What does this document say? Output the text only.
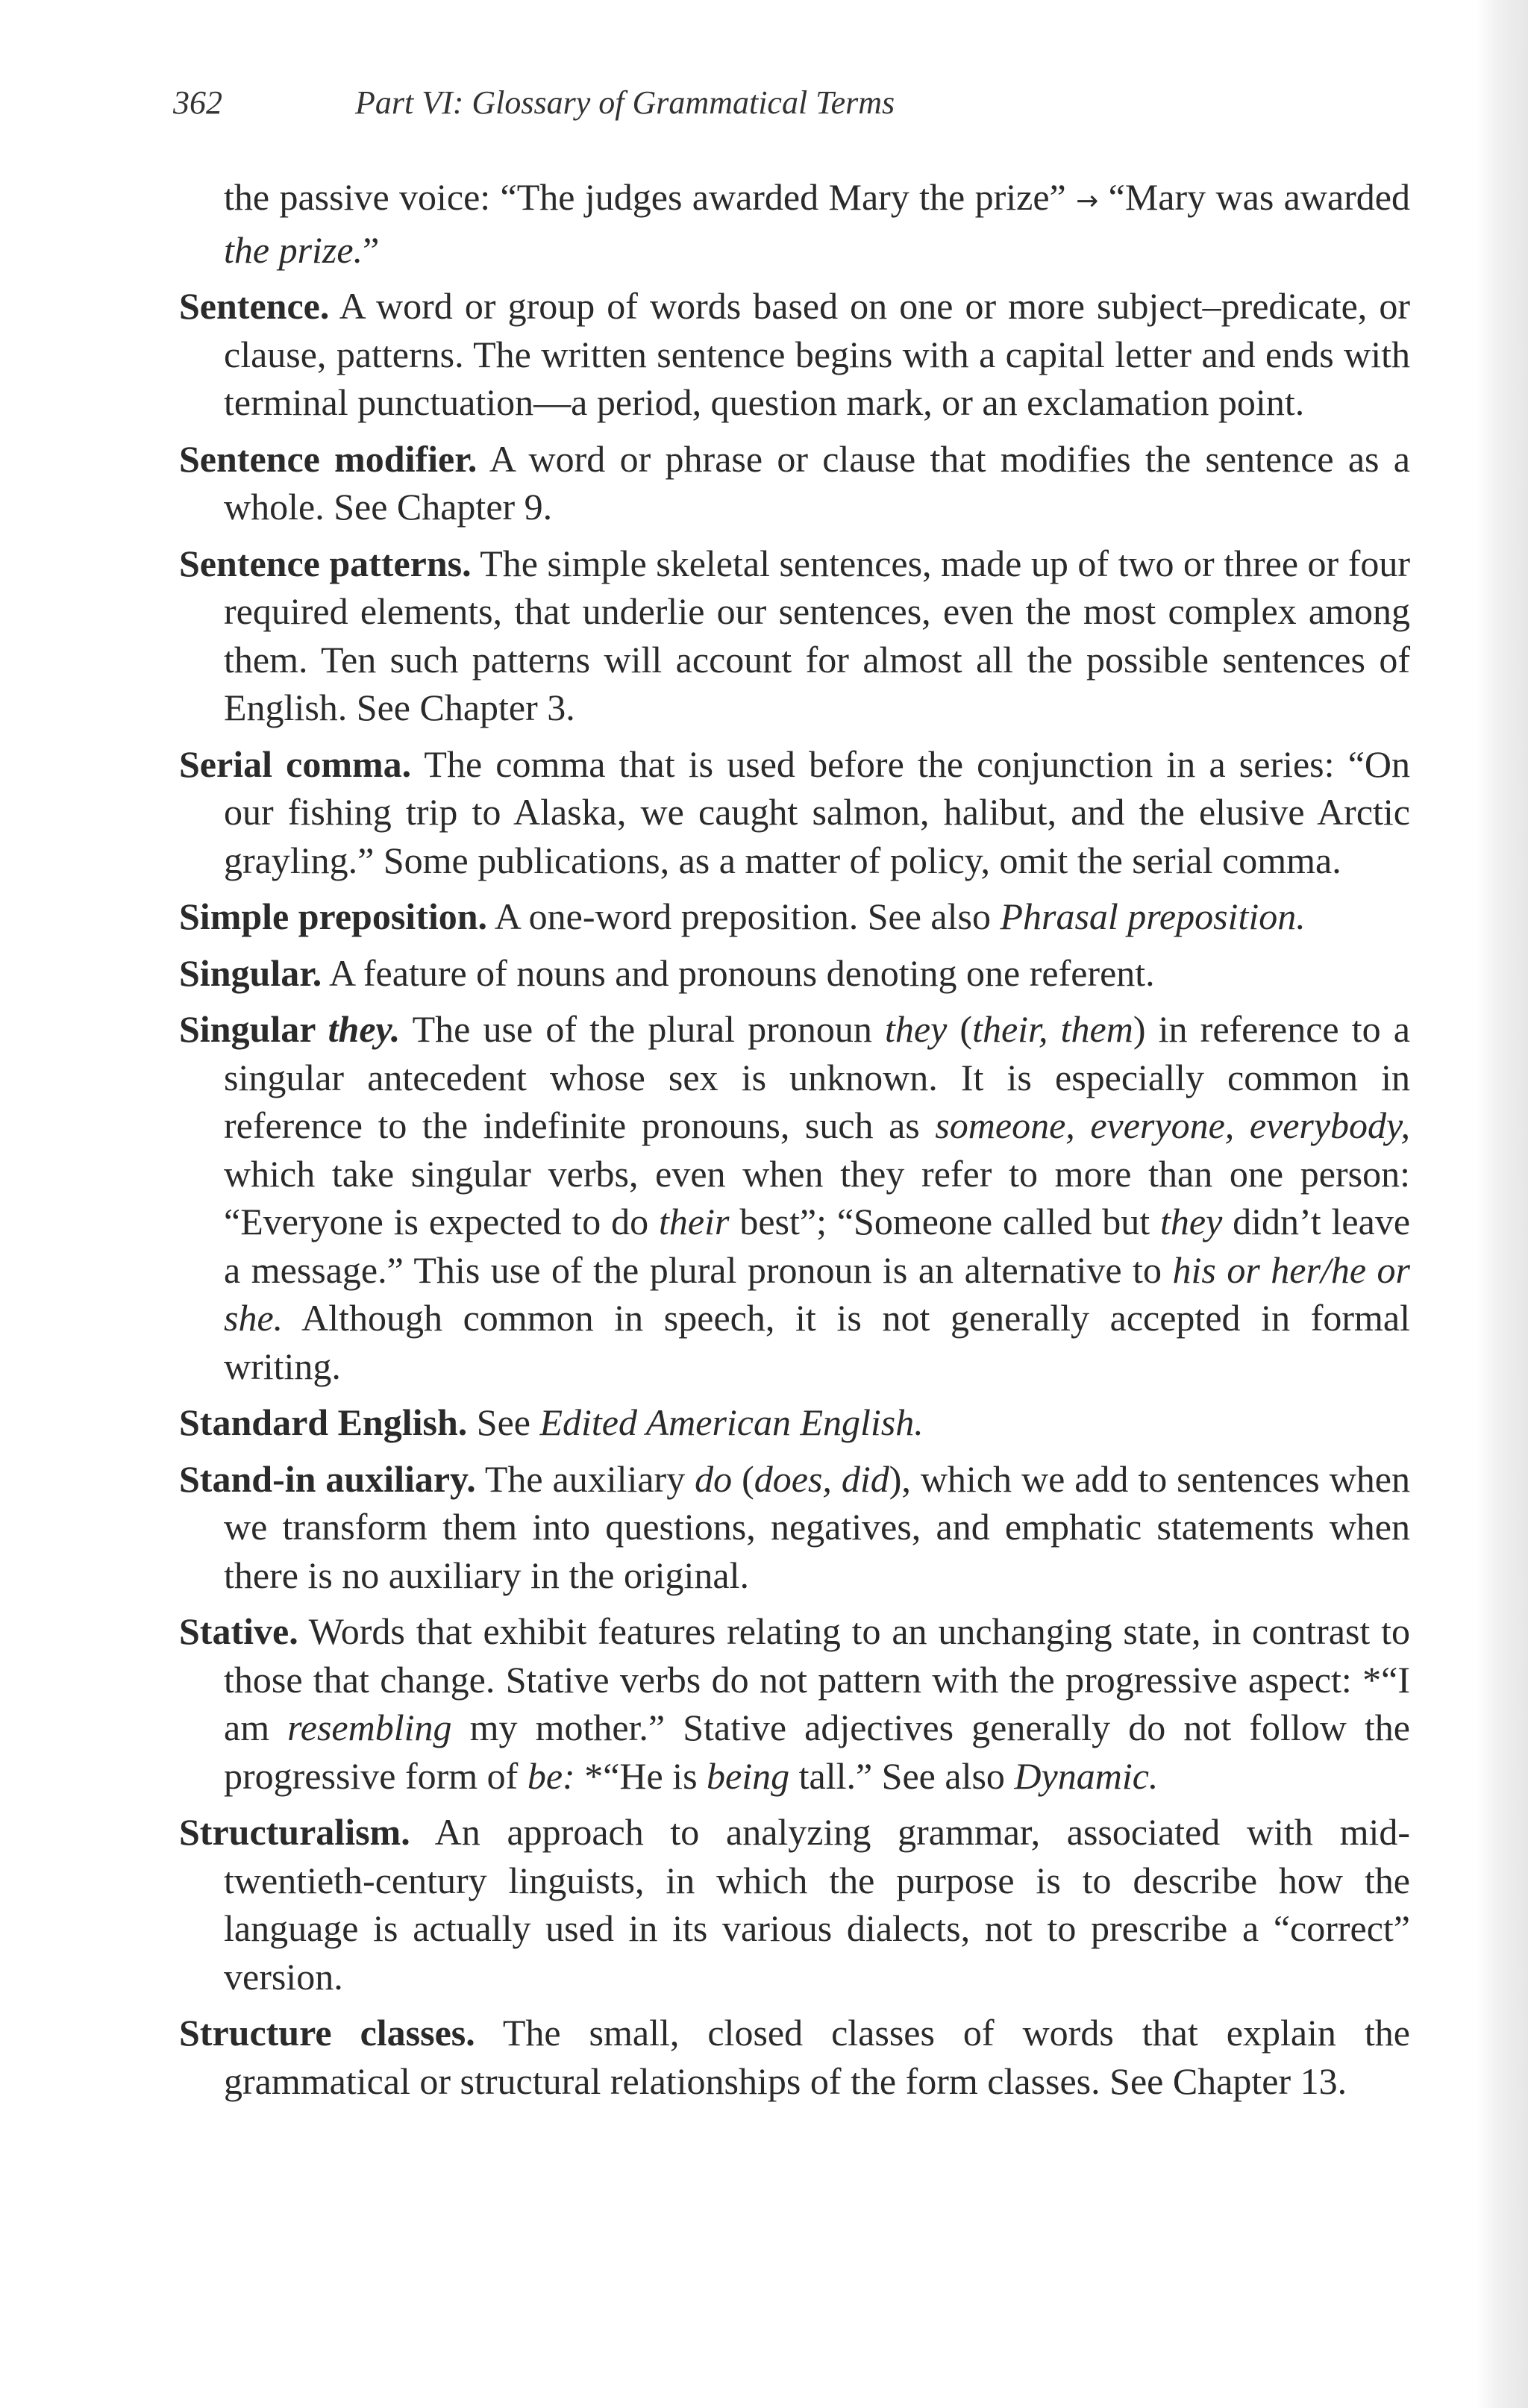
362	Part VI: Glossary of Grammatical Terms

the passive voice: “The judges awarded Mary the prize” → “Mary was awarded the prize.”

Sentence. A word or group of words based on one or more subject–predicate, or clause, patterns. The written sentence begins with a capital letter and ends with terminal punctuation—a period, question mark, or an exclamation point.

Sentence modifier. A word or phrase or clause that modifies the sentence as a whole. See Chapter 9.

Sentence patterns. The simple skeletal sentences, made up of two or three or four required elements, that underlie our sentences, even the most complex among them. Ten such patterns will account for almost all the possible sentences of English. See Chapter 3.

Serial comma. The comma that is used before the conjunction in a series: “On our fishing trip to Alaska, we caught salmon, halibut, and the elusive Arctic grayling.” Some publications, as a matter of policy, omit the serial comma.

Simple preposition. A one-word preposition. See also Phrasal preposition.

Singular. A feature of nouns and pronouns denoting one referent.

Singular they. The use of the plural pronoun they (their, them) in reference to a singular antecedent whose sex is unknown. It is especially common in reference to the indefinite pronouns, such as someone, everyone, everybody, which take singular verbs, even when they refer to more than one person: “Everyone is expected to do their best”; “Someone called but they didn’t leave a message.” This use of the plural pronoun is an alternative to his or her/he or she. Although common in speech, it is not generally accepted in formal writing.

Standard English. See Edited American English.

Stand-in auxiliary. The auxiliary do (does, did), which we add to sentences when we transform them into questions, negatives, and emphatic statements when there is no auxiliary in the original.

Stative. Words that exhibit features relating to an unchanging state, in contrast to those that change. Stative verbs do not pattern with the progressive aspect: *“I am resembling my mother.” Stative adjectives generally do not follow the progressive form of be: *“He is being tall.” See also Dynamic.

Structuralism. An approach to analyzing grammar, associated with mid-twentieth-century linguists, in which the purpose is to describe how the language is actually used in its various dialects, not to prescribe a “correct” version.

Structure classes. The small, closed classes of words that explain the grammatical or structural relationships of the form classes. See Chapter 13.
